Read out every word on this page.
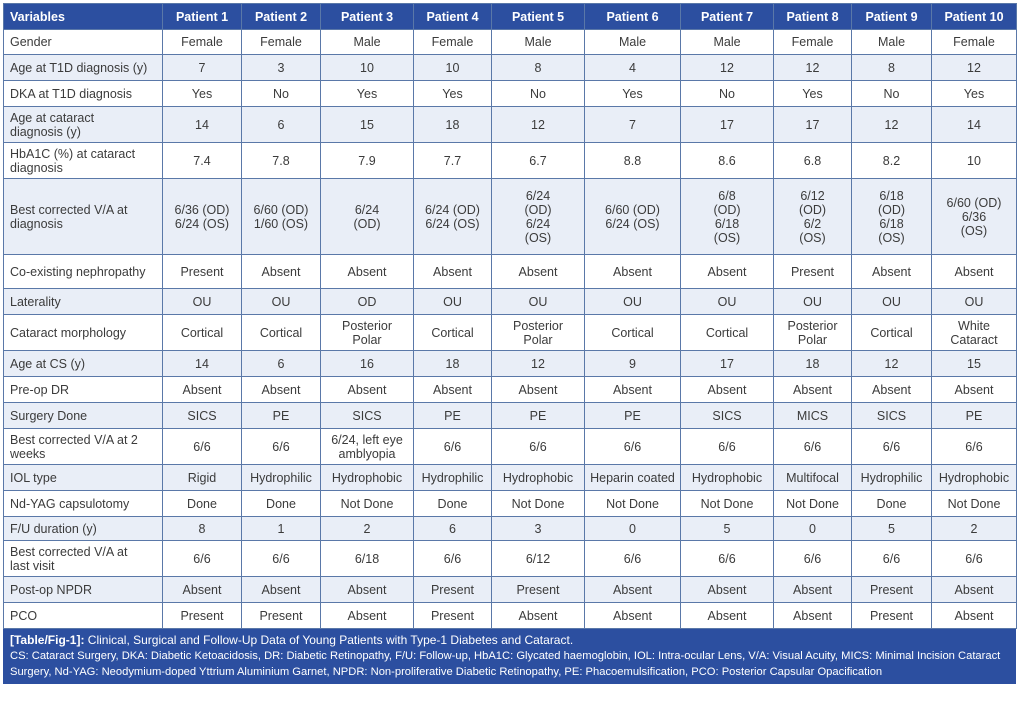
Variables	Patient 1	Patient 2	Patient 3	Patient 4	Patient 5	Patient 6	Patient 7	Patient 8	Patient 9	Patient 10

Gender	Female	Female	Male	Female	Male	Male	Male	Female	Male	Female

Age at T1D diagnosis (y)	7	3	10	10	8	4	12	12	8	12

DKA at T1D diagnosis	Yes	No	Yes	Yes	No	Yes	No	Yes	No	Yes

Age at cataract
diagnosis (y)	14	6	15	18	12	7	17	17	12	14

HbA1C (%) at cataract
diagnosis	7.4	7.8	7.9	7.7	6.7	8.8	8.6	6.8	8.2	10

Best corrected V/A at
diagnosis	6/36 (OD)
6/24 (OS)	6/60 (OD)
1/60 (OS)	6/24
(OD)	6/24 (OD)
6/24 (OS)	6/24
(OD)
6/24
(OS)	6/60 (OD)
6/24 (OS)	6/8
(OD)
6/18
(OS)	6/12
(OD)
6/2
(OS)	6/18
(OD)
6/18
(OS)	6/60 (OD)
6/36
(OS)

Co-existing nephropathy	Present	Absent	Absent	Absent	Absent	Absent	Absent	Present	Absent	Absent

Laterality	OU	OU	OD	OU	OU	OU	OU	OU	OU	OU

Cataract morphology	Cortical	Cortical	Posterior
Polar	Cortical	Posterior
Polar	Cortical	Cortical	Posterior
Polar	Cortical	White
Cataract

Age at CS (y)	14	6	16	18	12	9	17	18	12	15

Pre-op DR	Absent	Absent	Absent	Absent	Absent	Absent	Absent	Absent	Absent	Absent

Surgery Done	SICS	PE	SICS	PE	PE	PE	SICS	MICS	SICS	PE

Best corrected V/A at 2
weeks	6/6	6/6	6/24, left eye
amblyopia	6/6	6/6	6/6	6/6	6/6	6/6	6/6

IOL type	Rigid	Hydrophilic	Hydrophobic	Hydrophilic	Hydrophobic	Heparin coated	Hydrophobic	Multifocal	Hydrophilic	Hydrophobic

Nd-YAG capsulotomy	Done	Done	Not Done	Done	Not Done	Not Done	Not Done	Not Done	Done	Not Done

F/U duration (y)	8	1	2	6	3	0	5	0	5	2

Best corrected V/A at
last visit	6/6	6/6	6/18	6/6	6/12	6/6	6/6	6/6	6/6	6/6

Post-op NPDR	Absent	Absent	Absent	Present	Present	Absent	Absent	Absent	Present	Absent

PCO	Present	Present	Absent	Present	Absent	Absent	Absent	Absent	Present	Absent
[Table/Fig-1]: Clinical, Surgical and Follow-Up Data of Young Patients with Type-1 Diabetes and Cataract.
CS: Cataract Surgery, DKA: Diabetic Ketoacidosis, DR: Diabetic Retinopathy, F/U: Follow-up, HbA1C: Glycated haemoglobin, IOL: Intra-ocular Lens, V/A: Visual Acuity, MICS: Minimal Incision Cataract Surgery, Nd-YAG: Neodymium-doped Yttrium Aluminium Garnet, NPDR: Non-proliferative Diabetic Retinopathy, PE: Phacoemulsification, PCO: Posterior Capsular Opacification
